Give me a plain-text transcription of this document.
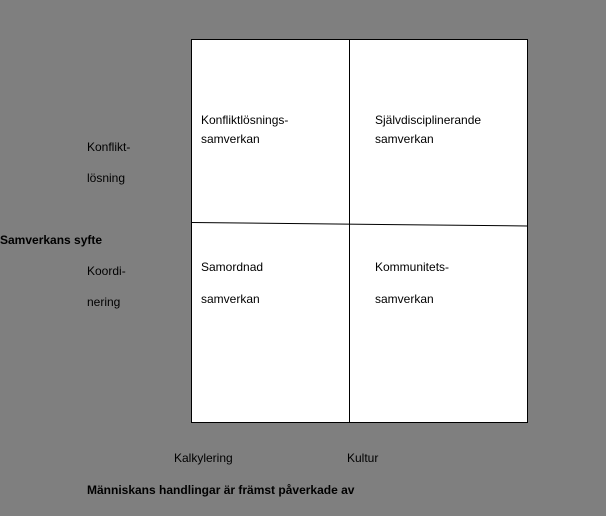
Konfliktlösnings-
samverkan
Självdisciplinerande
samverkan
Samordnad
samverkan
Kommunitets-
samverkan
Konflikt-
lösning
Samverkans syfte
Koordi-
nering
Kalkylering	Kultur
Människans handlingar är främst påverkade av
